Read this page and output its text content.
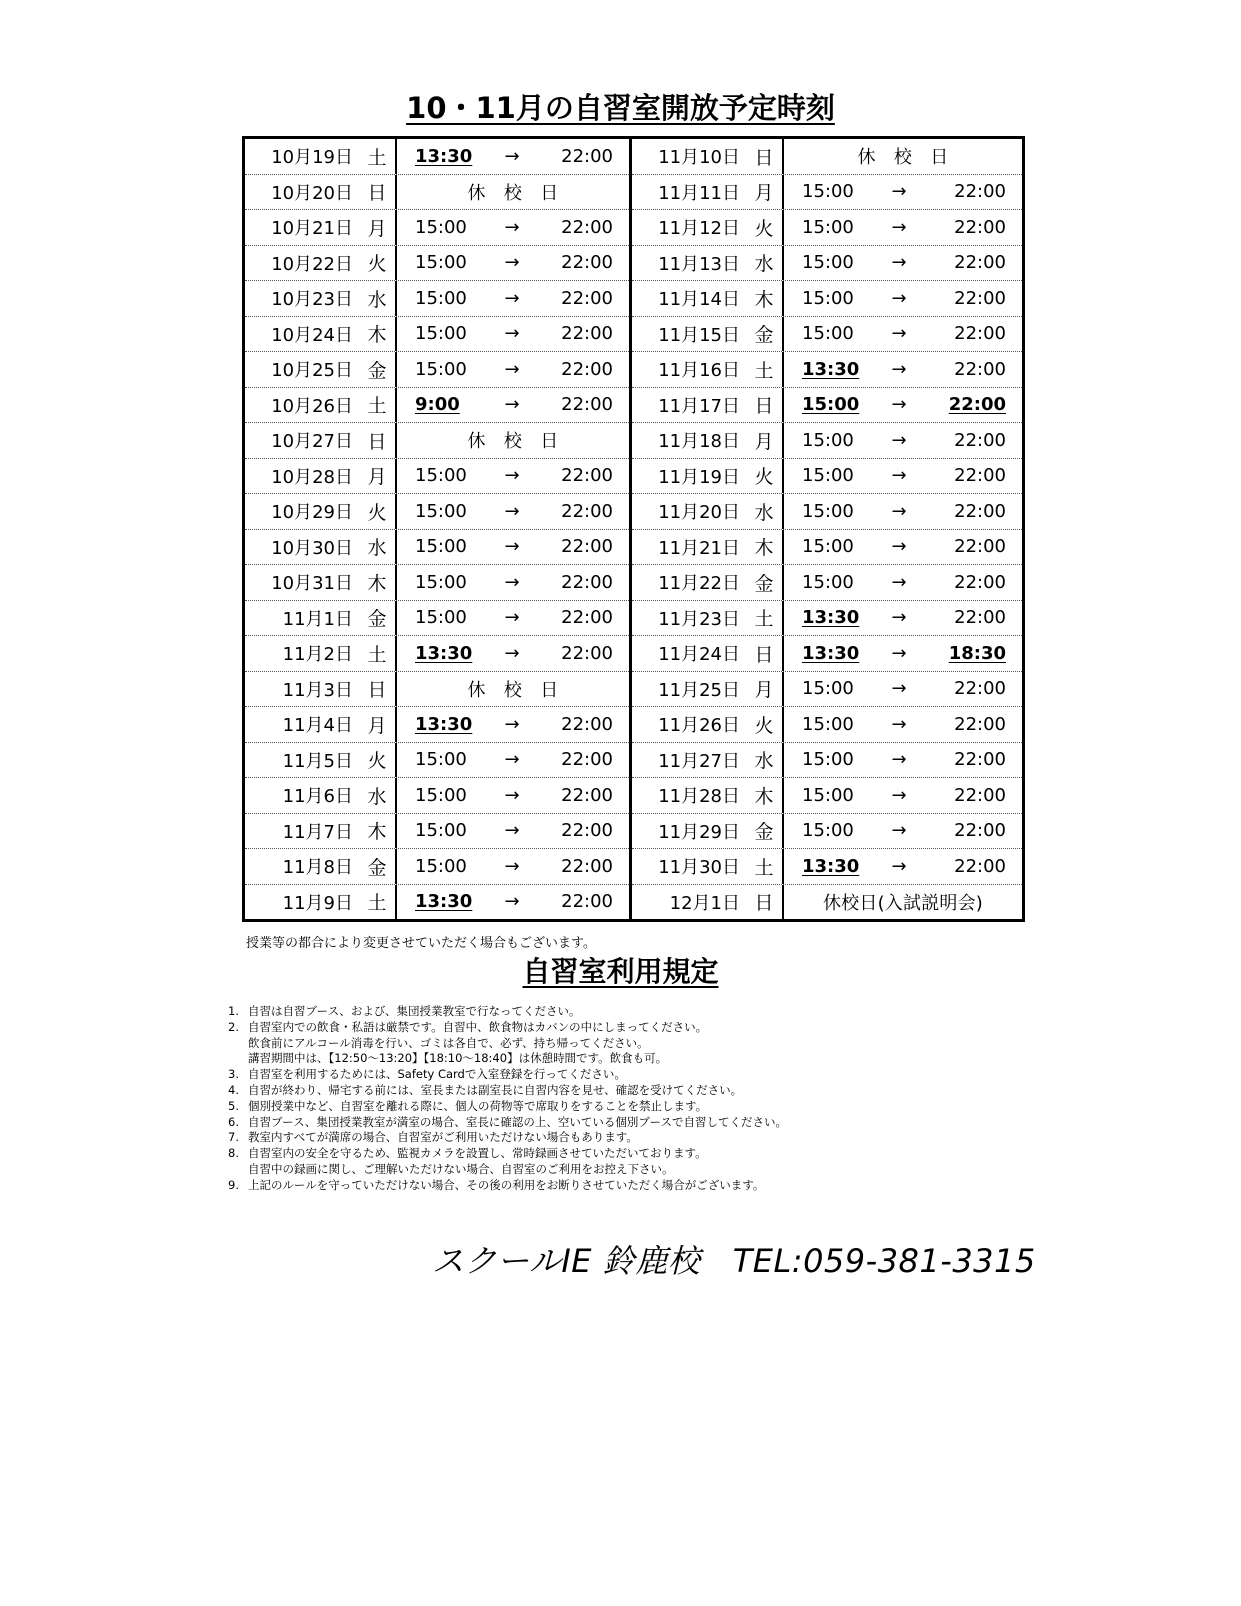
10・11月の自習室開放予定時刻
10月19日 土	13:30	→	22:00
10月20日 日	休　校　日
10月21日 月	15:00	→	22:00
10月22日 火	15:00	→	22:00
10月23日 水	15:00	→	22:00
10月24日 木	15:00	→	22:00
10月25日 金	15:00	→	22:00
10月26日 土	9:00	→	22:00
10月27日 日	休　校　日
10月28日 月	15:00	→	22:00
10月29日 火	15:00	→	22:00
10月30日 水	15:00	→	22:00
10月31日 木	15:00	→	22:00
11月1日 金	15:00	→	22:00
11月2日 土	13:30	→	22:00
11月3日 日	休　校　日
11月4日 月	13:30	→	22:00
11月5日 火	15:00	→	22:00
11月6日 水	15:00	→	22:00
11月7日 木	15:00	→	22:00
11月8日 金	15:00	→	22:00
11月9日 土	13:30	→	22:00
11月10日 日	休　校　日
11月11日 月	15:00	→	22:00
11月12日 火	15:00	→	22:00
11月13日 水	15:00	→	22:00
11月14日 木	15:00	→	22:00
11月15日 金	15:00	→	22:00
11月16日 土	13:30	→	22:00
11月17日 日	15:00	→	22:00
11月18日 月	15:00	→	22:00
11月19日 火	15:00	→	22:00
11月20日 水	15:00	→	22:00
11月21日 木	15:00	→	22:00
11月22日 金	15:00	→	22:00
11月23日 土	13:30	→	22:00
11月24日 日	13:30	→	18:30
11月25日 月	15:00	→	22:00
11月26日 火	15:00	→	22:00
11月27日 水	15:00	→	22:00
11月28日 木	15:00	→	22:00
11月29日 金	15:00	→	22:00
11月30日 土	13:30	→	22:00
12月1日 日	休校日(入試説明会)
授業等の都合により変更させていただく場合もございます。
自習室利用規定
1. 自習は自習ブース、および、集団授業教室で行なってください。
2. 自習室内での飲食・私語は厳禁です。自習中、飲食物はカバンの中にしまってください。
飲食前にアルコール消毒を行い、ゴミは各自で、必ず、持ち帰ってください。
講習期間中は、【12:50～13:20】【18:10～18:40】は休憩時間です。飲食も可。
3. 自習室を利用するためには、Safety Cardで入室登録を行ってください。
4. 自習が終わり、帰宅する前には、室長または副室長に自習内容を見せ、確認を受けてください。
5. 個別授業中など、自習室を離れる際に、個人の荷物等で席取りをすることを禁止します。
6. 自習ブース、集団授業教室が満室の場合、室長に確認の上、空いている個別ブースで自習してください。
7. 教室内すべてが満席の場合、自習室がご利用いただけない場合もあります。
8. 自習室内の安全を守るため、監視カメラを設置し、常時録画させていただいております。
自習中の録画に関し、ご理解いただけない場合、自習室のご利用をお控え下さい。
9. 上記のルールを守っていただけない場合、その後の利用をお断りさせていただく場合がございます。
スクールIE 鈴鹿校　TEL:059-381-3315
